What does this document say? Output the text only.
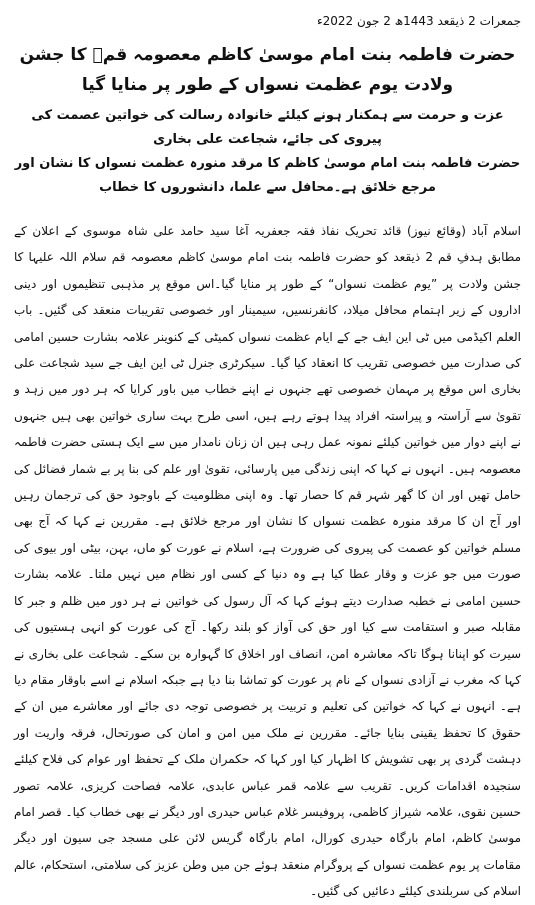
جمعرات 2 ذیقعد 1443ھ 2 جون 2022ء
حضرت فاطمہ بنت امام موسیٰ کاظم معصومہ قمؑ کا جشن ولادت یوم عظمت نسواں کے طور پر منایا گیا

عزت و حرمت سے ہمکنار ہونے کیلئے خانوادہ رسالت کی خواتین عصمت کی پیروی کی جائے، شجاعت علی بخاری

حضرت فاطمہ بنت امام موسیٰ کاظم کا مرقد منورہ عظمت نسواں کا نشان اور مرجع خلائق ہے۔محافل سے علما، دانشوروں کا خطاب

اسلام آباد (وقائع نیوز) قائد تحریک نفاذ فقہ جعفریہ آغا سید حامد علی شاہ موسوی کے اعلان کے مطابق ہدفِ قم 2 ذیقعد کو حضرت فاطمہ بنت امام موسیٰ کاظم معصومہ قم سلام اللہ علیہا کا جشن ولادت پر ”یوم عظمت نسواں“ کے طور پر منایا گیا۔اس موقع پر مذہبی تنظیموں اور دینی اداروں کے زیر اہتمام محافل میلاد، کانفرنسیں، سیمینار اور خصوصی تقریبات منعقد کی گئیں۔ باب العلم اکیڈمی میں ٹی این ایف جے کے ایام عظمت نسواں کمیٹی کے کنوینر علامہ بشارت حسین امامی کی صدارت میں خصوصی تقریب کا انعقاد کیا گیا۔ سیکرٹری جنرل ٹی این ایف جے سید شجاعت علی بخاری اس موقع پر مہمان خصوصی تھے جنہوں نے اپنے خطاب میں باور کرایا کہ ہر دور میں زہد و تقویٰ سے آراستہ و پیراستہ افراد پیدا ہوتے رہے ہیں، اسی طرح بہت ساری خواتین بھی ہیں جنہوں نے اپنے دوار میں خواتین کیلئے نمونہ عمل رہی ہیں ان زنان نامدار میں سے ایک ہستی حضرت فاطمہ معصومہ ہیں۔ انہوں نے کہا کہ اپنی زندگی میں پارسائی، تقویٰ اور علم کی بنا پر بے شمار فضائل کی حامل تھیں اور ان کا گھر شہر قم کا حصار تھا۔ وہ اپنی مظلومیت کے باوجود حق کی ترجمان رہیں اور آج ان کا مرقد منورہ عظمت نسواں کا نشان اور مرجع خلائق ہے۔ مقررین نے کہا کہ آج بھی مسلم خواتین کو عصمت کی پیروی کی ضرورت ہے، اسلام نے عورت کو ماں، بہن، بیٹی اور بیوی کی صورت میں جو عزت و وقار عطا کیا ہے وہ دنیا کے کسی اور نظام میں نہیں ملتا۔ علامہ بشارت حسین امامی نے خطبہ صدارت دیتے ہوئے کہا کہ آل رسول کی خواتین نے ہر دور میں ظلم و جبر کا مقابلہ صبر و استقامت سے کیا اور حق کی آواز کو بلند رکھا۔ آج کی عورت کو انہی ہستیوں کی سیرت کو اپنانا ہوگا تاکہ معاشرہ امن، انصاف اور اخلاق کا گہوارہ بن سکے۔ شجاعت علی بخاری نے کہا کہ مغرب نے آزادی نسواں کے نام پر عورت کو تماشا بنا دیا ہے جبکہ اسلام نے اسے باوقار مقام دیا ہے۔ انہوں نے کہا کہ خواتین کی تعلیم و تربیت پر خصوصی توجہ دی جائے اور معاشرے میں ان کے حقوق کا تحفظ یقینی بنایا جائے۔ مقررین نے ملک میں امن و امان کی صورتحال، فرقہ واریت اور دہشت گردی پر بھی تشویش کا اظہار کیا اور کہا کہ حکمران ملک کے تحفظ اور عوام کی فلاح کیلئے سنجیدہ اقدامات کریں۔ تقریب سے علامہ قمر عباس عابدی، علامہ فصاحت کریزی، علامہ تصور حسین نقوی، علامہ شیراز کاظمی، پروفیسر غلام عباس حیدری اور دیگر نے بھی خطاب کیا۔ قصر امام موسیٰ کاظم، امام بارگاہ حیدری کورال، امام بارگاہ گریس لائن علی مسجد جی سیون اور دیگر مقامات پر یوم عظمت نسواں کے پروگرام منعقد ہوئے جن میں وطن عزیز کی سلامتی، استحکام، عالم اسلام کی سربلندی کیلئے دعائیں کی گئیں۔
